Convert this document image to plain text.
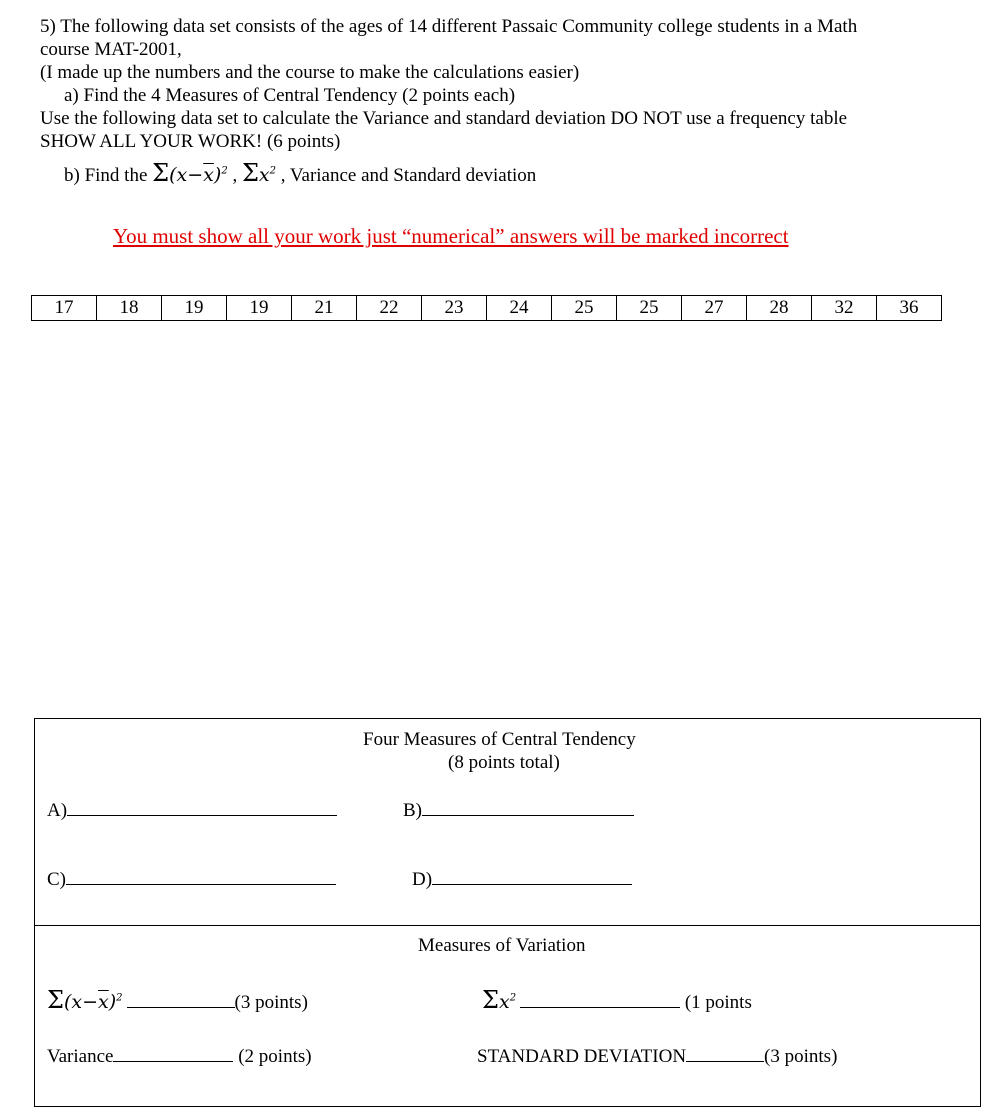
5) The following data set consists of the ages of 14 different Passaic Community college students in a Math
course MAT-2001,
(I made up the numbers and the course to make the calculations easier)
a) Find the 4 Measures of Central Tendency (2 points each)
Use the following data set to calculate the Variance and standard deviation DO NOT use a frequency table
SHOW ALL YOUR WORK! (6 points)
b) Find the $\Sigma(x-\overline{x})^2$ , $\Sigma x^2$ , Variance and Standard deviation
You must show all your work just “numerical” answers will be marked incorrect
17	18	19	19	21	22	23	24	25	25	27	28	32	36
Four Measures of Central Tendency
(8 points total)
A)	B)
C)	D)
Measures of Variation
$\Sigma(x-\overline{x})^2$	(3 points)	$\Sigma x^2$	(1 points
Variance	(2 points)	STANDARD DEVIATION	(3 points)
